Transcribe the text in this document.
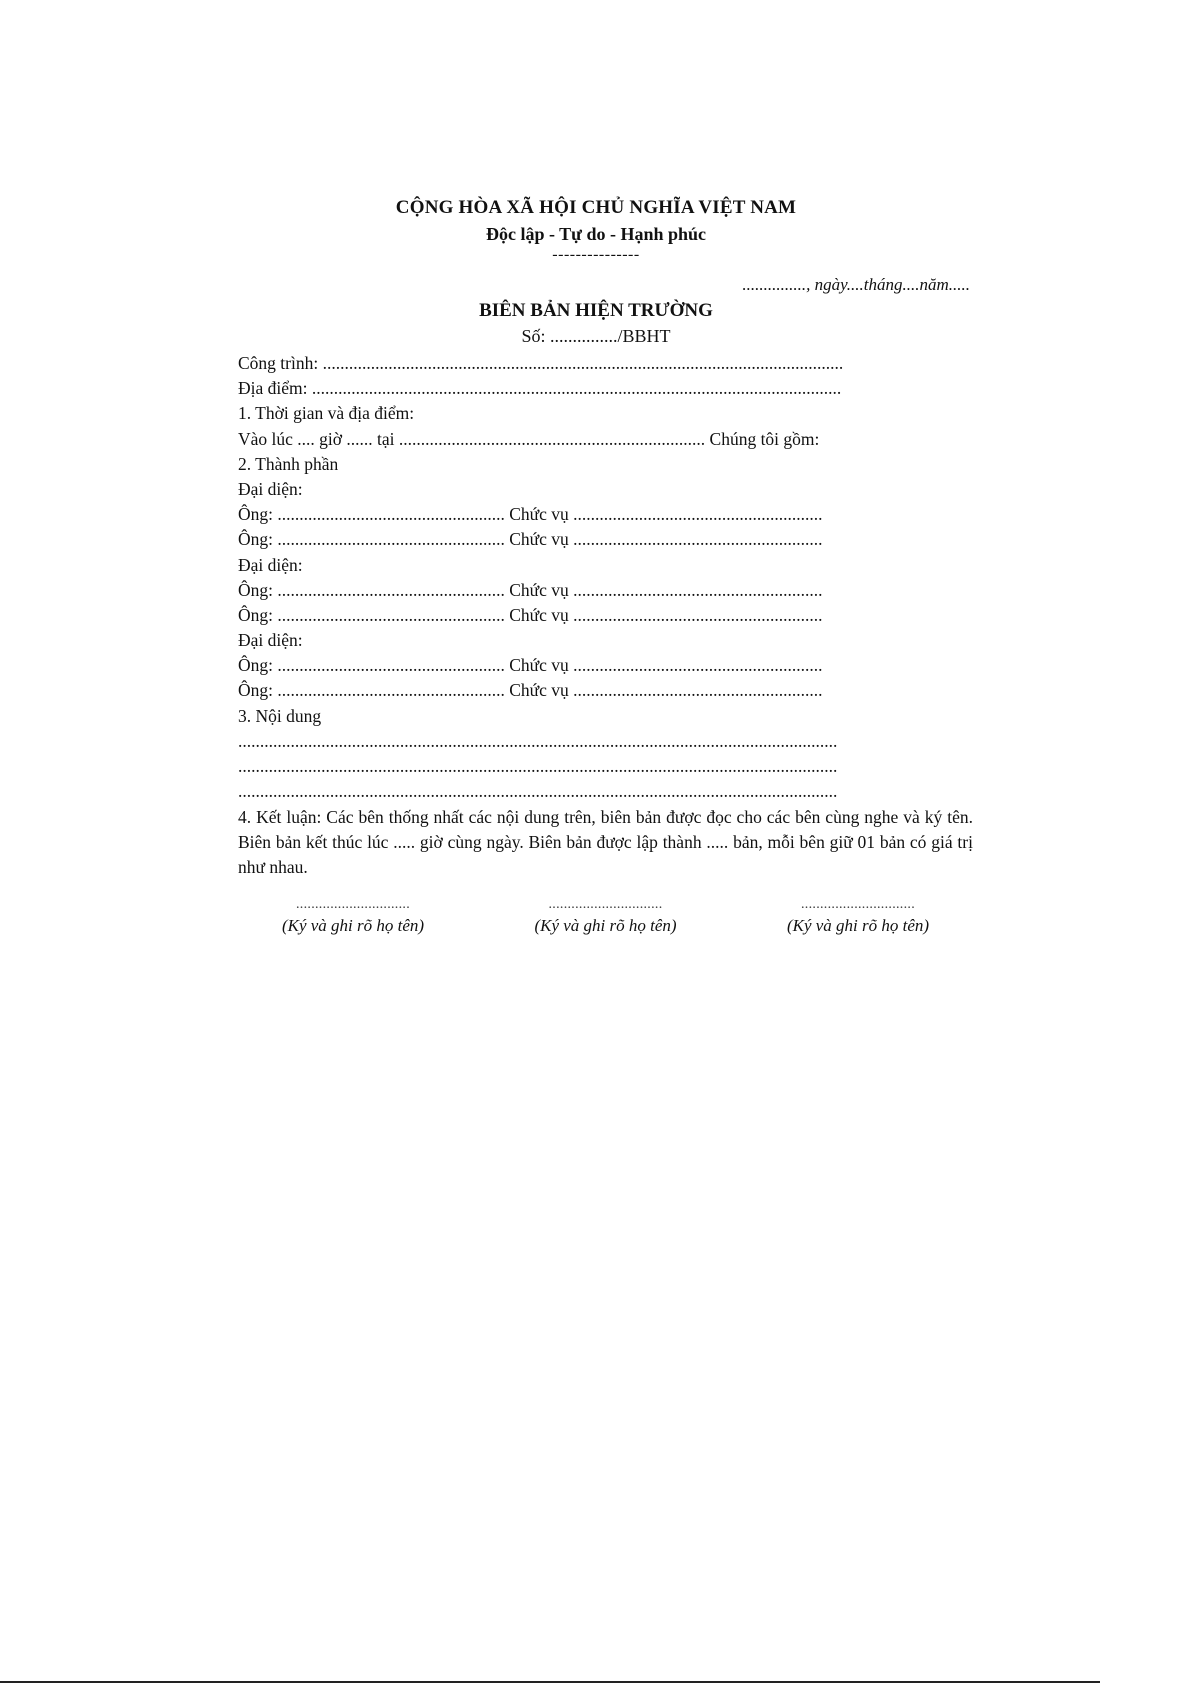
CỘNG HÒA XÃ HỘI CHỦ NGHĨA VIỆT NAM
Độc lập - Tự do - Hạnh phúc
---------------
..............., ngày....tháng....năm.....
BIÊN BẢN HIỆN TRƯỜNG
Số: .............../BBHT
Công trình: .......................................................................................................................
Địa điểm: .........................................................................................................................
1. Thời gian và địa điểm:
Vào lúc .... giờ ...... tại ...................................................................... Chúng tôi gồm:
2. Thành phần
Đại diện:
Ông: .................................................... Chức vụ .........................................................
Ông: .................................................... Chức vụ .........................................................
Đại diện:
Ông: .................................................... Chức vụ .........................................................
Ông: .................................................... Chức vụ .........................................................
Đại diện:
Ông: .................................................... Chức vụ .........................................................
Ông: .................................................... Chức vụ .........................................................
3. Nội dung
.........................................................................................................................................
.........................................................................................................................................
.........................................................................................................................................
4. Kết luận: Các bên thống nhất các nội dung trên, biên bản được đọc cho các bên cùng nghe và ký tên. Biên bản kết thúc lúc ..... giờ cùng ngày. Biên bản được lập thành ..... bản, mỗi bên giữ 01 bản có giá trị như nhau.
..............................
(Ký và ghi rõ họ tên)
..............................
(Ký và ghi rõ họ tên)
..............................
(Ký và ghi rõ họ tên)
